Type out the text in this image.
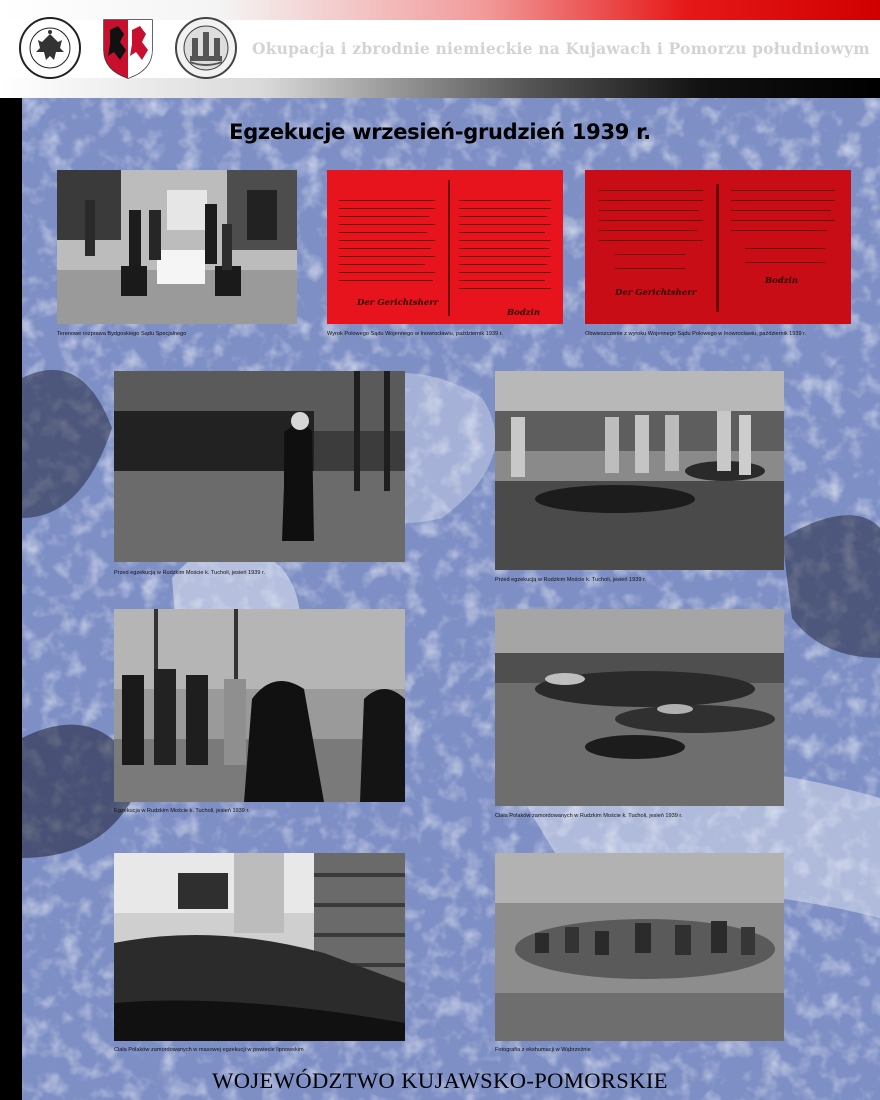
Okupacja i zbrodnie niemieckie na Kujawach i Pomorzu południowym
Egzekucje wrzesień-grudzień 1939 r.
Terenowe rozprawa Bydgoskiego Sądu Specjalnego
Der Gerichtsherr
Bodzin
Wyrok Polowego Sądu Wojennego w Inowrocławiu, październik 1939 r.
Der Gerichtsherr
Bodzin
Obwieszczenie z wyroku Wojennego Sądu Polowego w Inowrocławiu, październik 1939 r.
Przed egzekucją w Rudzkim Moście k. Tucholi, jesień 1939 r.
Przed egzekucją w Rudzkim Moście k. Tucholi, jesień 1939 r.
Egzekucja w Rudzkim Moście k. Tucholi, jesień 1939 r.
Ciała Polaków zamordowanych w Rudzkim Moście k. Tucholi, jesień 1939 r.
Ciała Polaków zamordowanych w masowej egzekucji w powiecie lipnowskim	Fotografia z ekshumacji w Wąbrzeźnie
WOJEWÓDZTWO KUJAWSKO-POMORSKIE
